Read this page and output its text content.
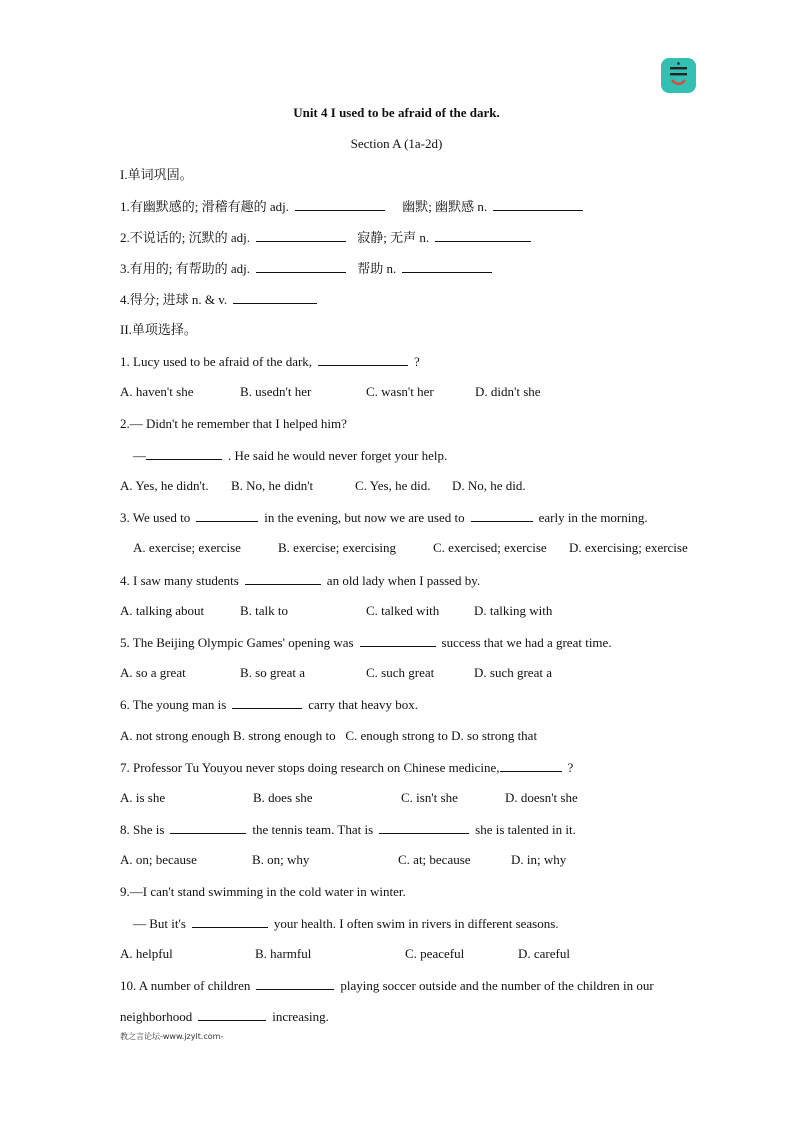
Unit 4 I used to be afraid of the dark.
Section A (1a-2d)
I.单词巩固。
1.有幽默感的; 滑稽有趣的 adj.	幽默; 幽默感 n.
2.不说话的; 沉默的 adj.	寂静; 无声 n.
3.有用的; 有帮助的 adj.	帮助 n.
4.得分; 进球 n. & v.
II.单项选择。
1. Lucy used to be afraid of the dark,	?
A. haven't she	B. usedn't her	C. wasn't her	D. didn't she
2.— Didn't he remember that I helped him?
—	. He said he would never forget your help.
A. Yes, he didn't. B. No, he didn't	C. Yes, he did. D. No, he did.
3. We used to	in the evening, but now we are used to	early in the morning.
A. exercise; exercise	B. exercise; exercising	C. exercised; exercise D. exercising; exercise
4. I saw many students	an old lady when I passed by.
A. talking about	B. talk to	C. talked with	D. talking with
5. The Beijing Olympic Games' opening was	success that we had a great time.
A. so a great	B. so great a	C. such great	D. such great a
6. The young man is	carry that heavy box.
A. not strong enough B. strong enough to   C. enough strong to D. so strong that
7. Professor Tu Youyou never stops doing research on Chinese medicine,	?
A. is she	B. does she	C. isn't she	D. doesn't she
8. She is	the tennis team. That is	she is talented in it.
A. on; because	B. on; why	C. at; because	D. in; why
9.—I can't stand swimming in the cold water in winter.
— But it's	your health. I often swim in rivers in different seasons.
A. helpful	B. harmful	C. peaceful	D. careful
10. A number of children	playing soccer outside and the number of the children in our
neighborhood	increasing.
教之言论坛-www.jzylt.com-
